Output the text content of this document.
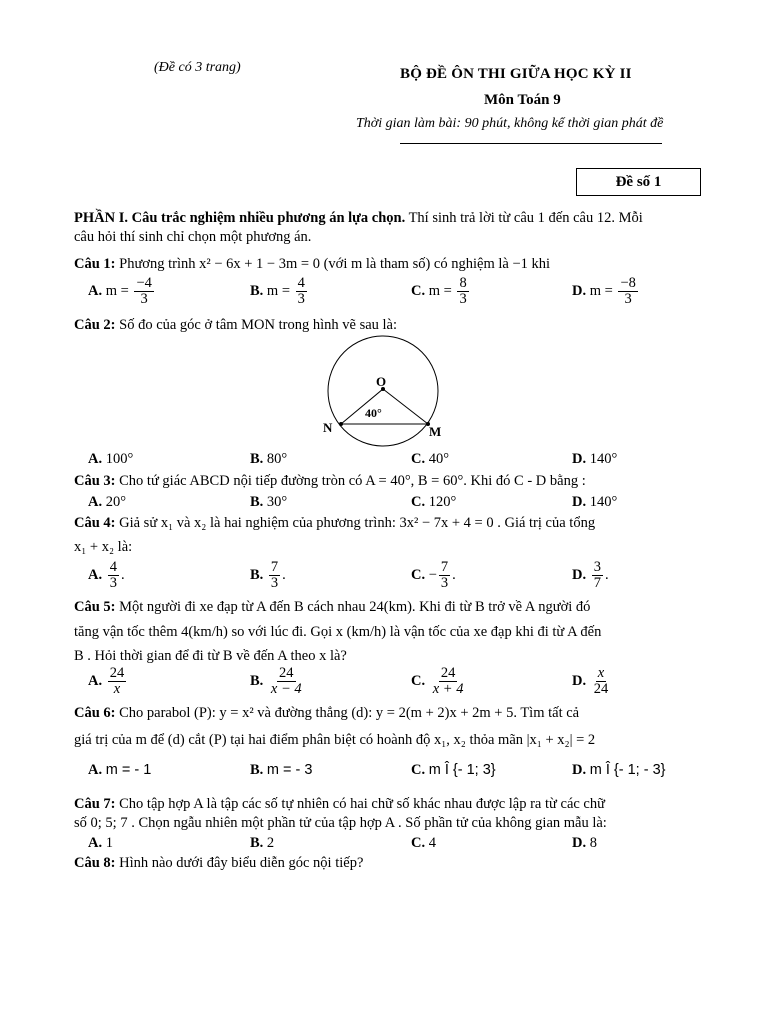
(Đề có 3 trang)	BỘ ĐỀ ÔN THI GIỮA HỌC KỲ II
Môn Toán 9
Thời gian làm bài: 90 phút, không kể thời gian phát đề
Đề số 1
PHẦN I. Câu trắc nghiệm nhiều phương án lựa chọn. Thí sinh trả lời từ câu 1 đến câu 12. Mỗi
câu hỏi thí sinh chỉ chọn một phương án.
Câu 1: Phương trình x² − 6x + 1 − 3m = 0 (với m là tham số) có nghiệm là −1 khi
A. $m = \frac{-4}{3}$	B. $m = \frac{4}{3}$	C. $m = \frac{8}{3}$	D. $m = \frac{-8}{3}$
Câu 2: Số đo của góc ở tâm MON trong hình vẽ sau là:
O
N	M
40°
A. 100°	B. 80°	C. 40°	D. 140°
Câu 3: Cho tứ giác ABCD nội tiếp đường tròn có A = 40°, B = 60°. Khi đó C - D bằng :
A. 20°	B. 30°	C. 120°	D. 140°
Câu 4: Giả sử x₁ và x₂ là hai nghiệm của phương trình: 3x² − 7x + 4 = 0 . Giá trị của tổng
x₁ + x₂ là:
A. $\frac{4}{3}$ .	B. $\frac{7}{3}$ .	C. − $\frac{7}{3}$ .	D. $\frac{3}{7}$ .
Câu 5: Một người đi xe đạp từ A đến B cách nhau 24(km). Khi đi từ B trở về A người đó
tăng vận tốc thêm 4(km/h) so với lúc đi. Gọi x (km/h) là vận tốc của xe đạp khi đi từ A đến
B . Hỏi thời gian để đi từ B về đến A theo x là?
A. $\frac{24}{x}$	B. $\frac{24}{x - 4}$	C. $\frac{24}{x + 4}$	D. $\frac{x}{24}$
Câu 6: Cho parabol (P): y = x² và đường thẳng (d): y = 2(m + 2)x + 2m + 5. Tìm tất cả
giá trị của m để (d) cắt (P) tại hai điểm phân biệt có hoành độ x₁, x₂ thỏa mãn |x₁ + x₂| = 2
A. m = - 1	B. m = - 3	C. m Î {- 1; 3}	D. m Î {- 1; - 3}
Câu 7: Cho tập hợp A là tập các số tự nhiên có hai chữ số khác nhau được lập ra từ các chữ
số 0; 5; 7 . Chọn ngẫu nhiên một phần tử của tập hợp A . Số phần tử của không gian mẫu là:
A. 1	B. 2	C. 4	D. 8
Câu 8: Hình nào dưới đây biểu diễn góc nội tiếp?
